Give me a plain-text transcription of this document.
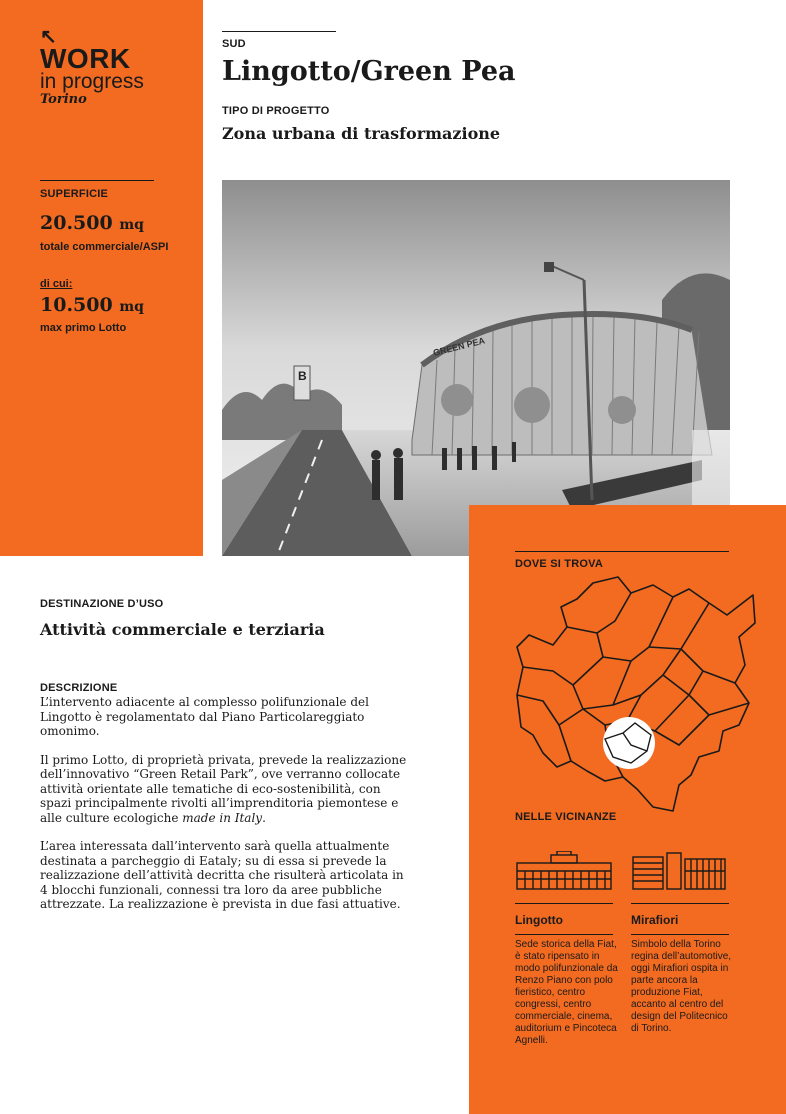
↖
WORK
in progress
Torino
SUPERFICIE
20.500 mq
totale commerciale/ASPI
di cui:
10.500 mq
max primo Lotto
SUD
Lingotto/Green Pea
TIPO DI PROGETTO
Zona urbana di trasformazione
GREEN PEA
B
DESTINAZIONE D’USO
Attività commerciale e terziaria
DESCRIZIONE

L’intervento adiacente al complesso polifunzionale del Lingotto è regolamentato dal Piano Particolareggiato omonimo.

Il primo Lotto, di proprietà privata, prevede la realizzazione dell’innovativo “Green Retail Park”, ove verranno collocate attività orientate alle tematiche di eco-sostenibilità, con spazi principalmente rivolti all’imprenditoria piemontese e alle culture ecologiche made in Italy.

L’area interessata dall’intervento sarà quella attualmente destinata a parcheggio di Eataly; su di essa si prevede la realizzazione dell’attività decritta che risulterà articolata in 4 blocchi funzionali, connessi tra loro da aree pubbliche attrezzate. La realizzazione è prevista in due fasi attuative.

DOVE SI TROVA
NELLE VICINANZE
Lingotto	Mirafiori
Sede storica della Fiat, è stato ripensato in modo polifunzionale da Renzo Piano con polo fieristico, centro congressi, centro commerciale, cinema, auditorium e Pincoteca Agnelli.
Simbolo della Torino regina dell’automotive, oggi Mirafiori ospita in parte ancora la produzione Fiat, accanto al centro del design del Politecnico di Torino.
